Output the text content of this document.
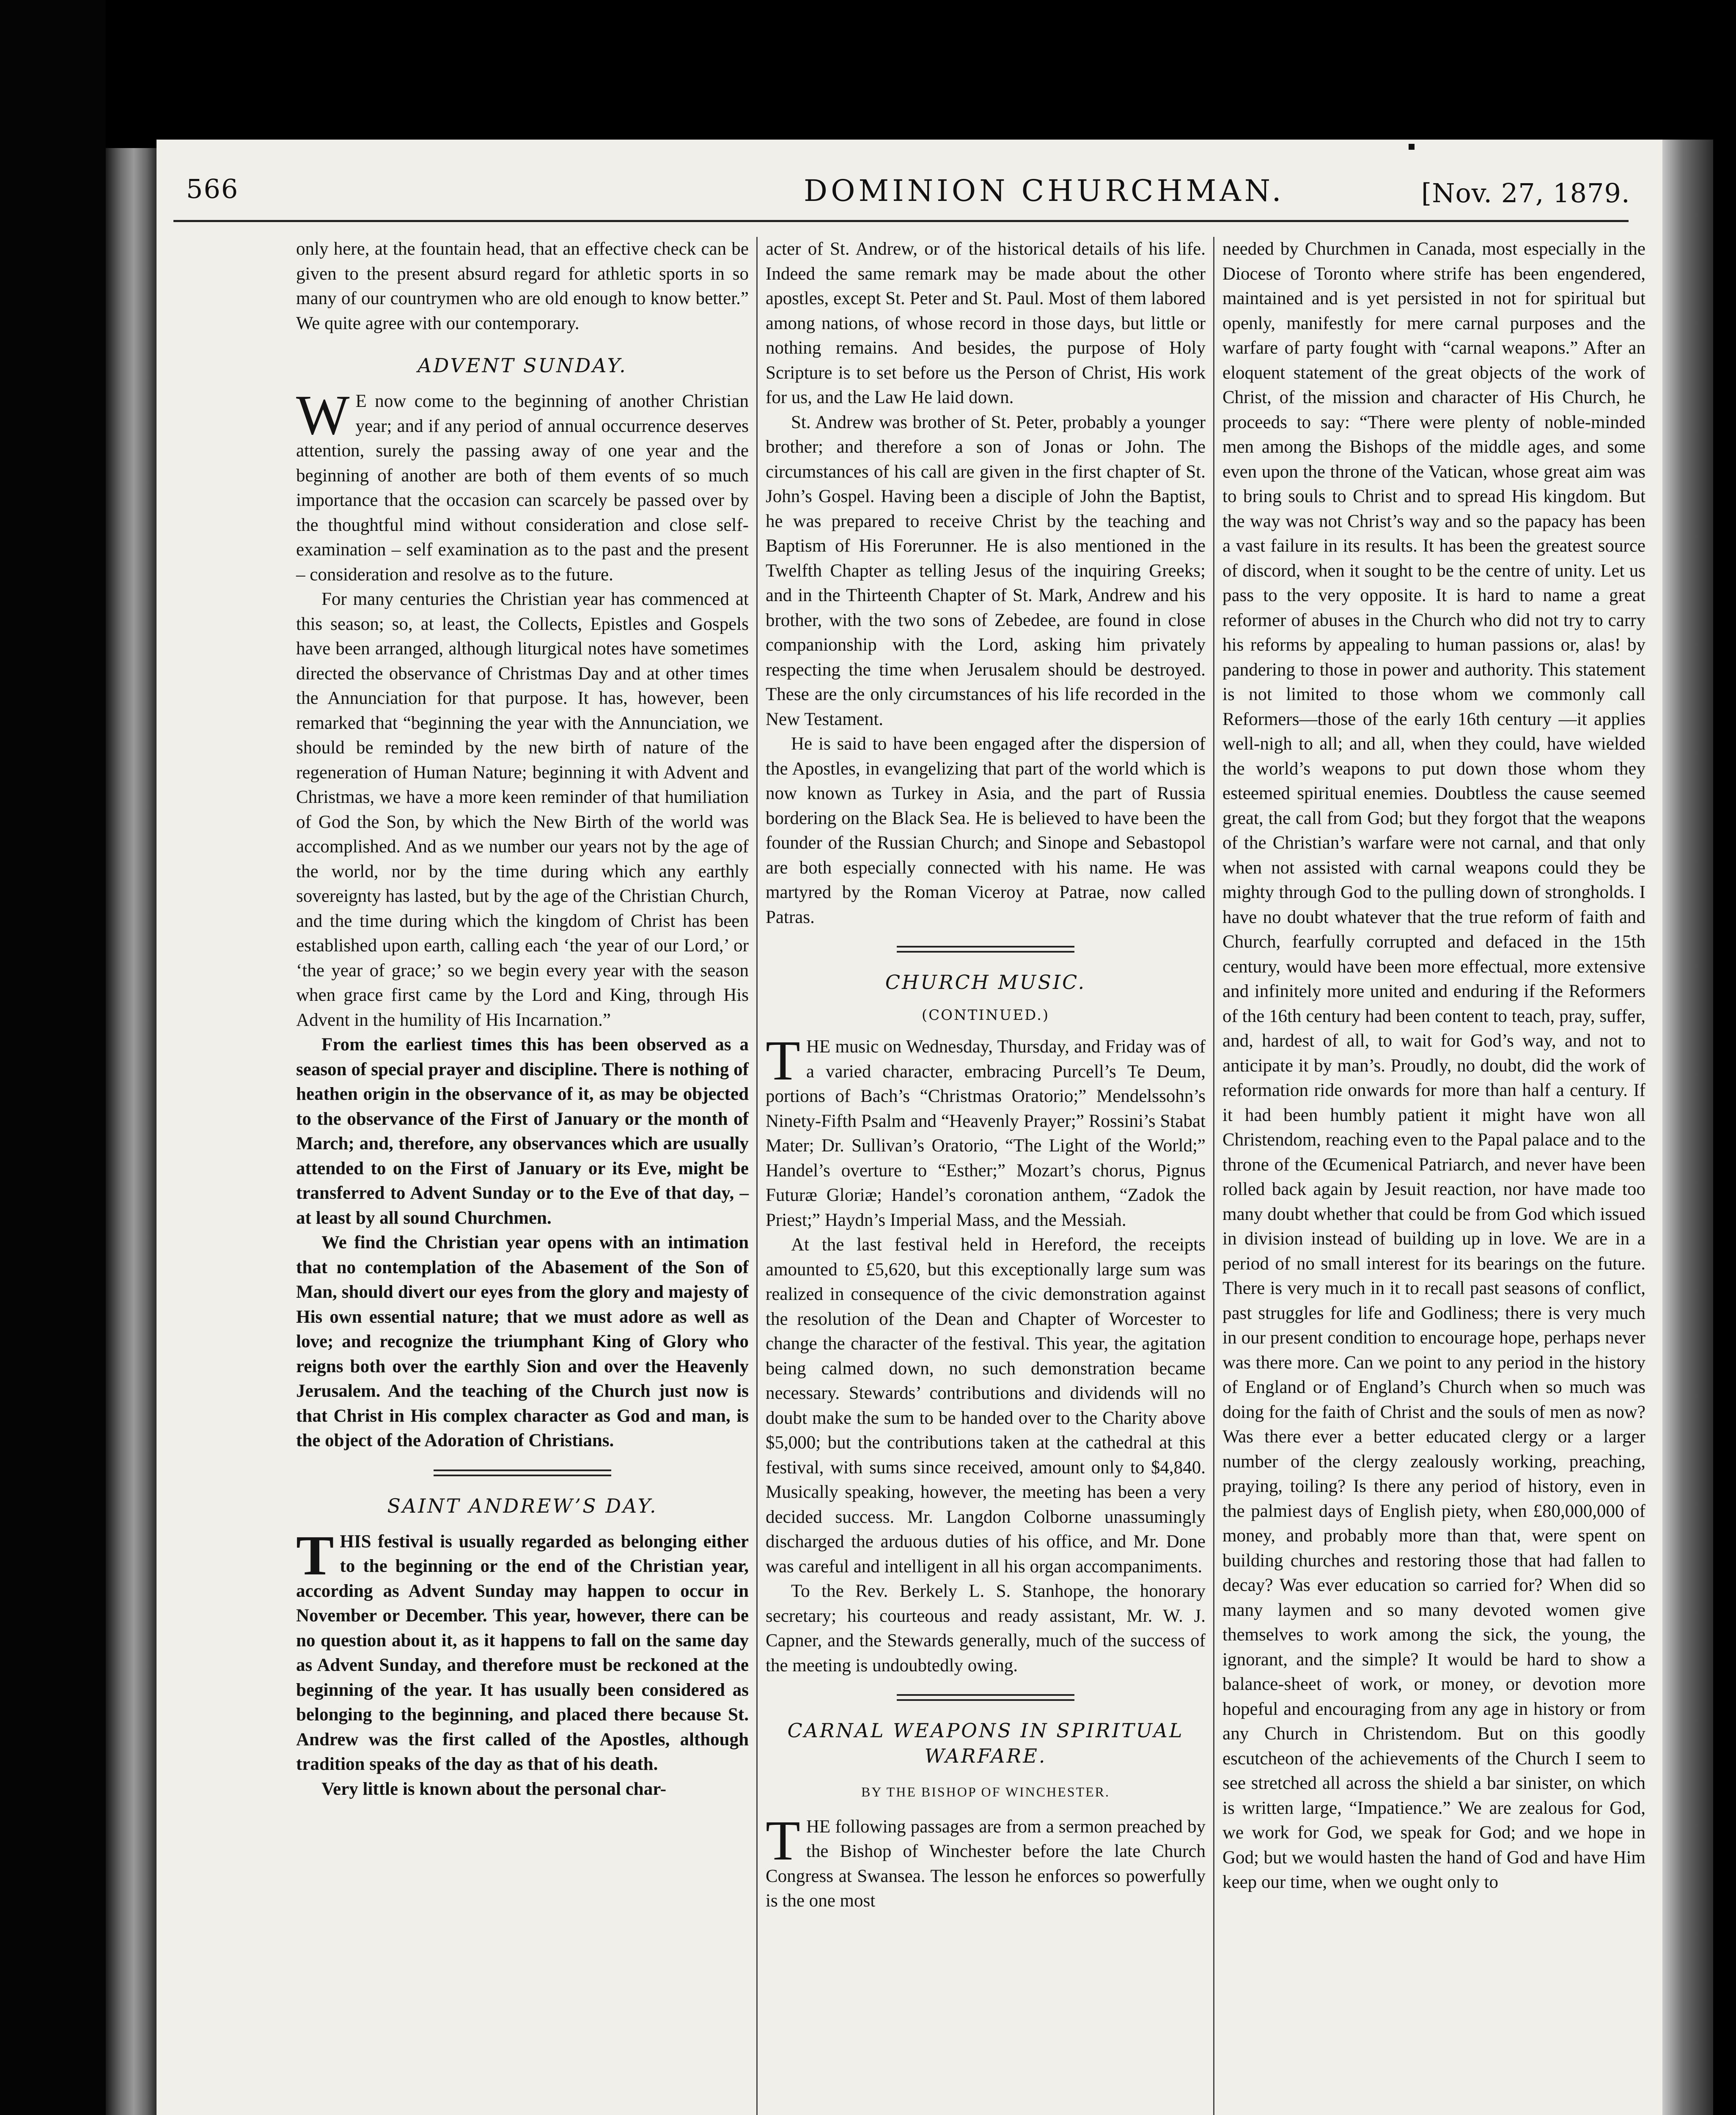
566	DOMINION CHURCHMAN.	[Nov. 27, 1879.

only here, at the fountain head, that an effective check can be given to the present absurd regard for athletic sports in so many of our countrymen who are old enough to know better.” We quite agree with our contemporary.

ADVENT SUNDAY.

W E now come to the beginning of another Christian year; and if any period of annual occurrence deserves attention, surely the passing away of one year and the beginning of another are both of them events of so much importance that the occasion can scarcely be passed over by the thoughtful mind without consideration and close self-examination – self examination as to the past and the present – consideration and resolve as to the future.

For many centuries the Christian year has commenced at this season; so, at least, the Collects, Epistles and Gospels have been arranged, although liturgical notes have sometimes directed the observance of Christmas Day and at other times the Annunciation for that purpose. It has, however, been remarked that “beginning the year with the Annunciation, we should be reminded by the new birth of nature of the regeneration of Human Nature; beginning it with Advent and Christmas, we have a more keen reminder of that humiliation of God the Son, by which the New Birth of the world was accomplished. And as we number our years not by the age of the world, nor by the time during which any earthly sovereignty has lasted, but by the age of the Christian Church, and the time during which the kingdom of Christ has been established upon earth, calling each ‘the year of our Lord,’ or ‘the year of grace;’ so we begin every year with the season when grace first came by the Lord and King, through His Advent in the humility of His Incarnation.”

From the earliest times this has been observed as a season of special prayer and discipline. There is nothing of heathen origin in the observance of it, as may be objected to the observance of the First of January or the month of March; and, therefore, any observances which are usually attended to on the First of January or its Eve, might be transferred to Advent Sunday or to the Eve of that day, – at least by all sound Churchmen.

We find the Christian year opens with an intimation that no contemplation of the Abasement of the Son of Man, should divert our eyes from the glory and majesty of His own essential nature; that we must adore as well as love; and recognize the triumphant King of Glory who reigns both over the earthly Sion and over the Heavenly Jerusalem. And the teaching of the Church just now is that Christ in His complex character as God and man, is the object of the Adoration of Christians.

SAINT ANDREW’S DAY.

THIS festival is usually regarded as belonging either to the beginning or the end of the Christian year, according as Advent Sunday may happen to occur in November or December. This year, however, there can be no question about it, as it happens to fall on the same day as Advent Sunday, and therefore must be reckoned at the beginning of the year. It has usually been considered as belonging to the beginning, and placed there because St. Andrew was the first called of the Apostles, although tradition speaks of the day as that of his death.

Very little is known about the personal char-

acter of St. Andrew, or of the historical details of his life. Indeed the same remark may be made about the other apostles, except St. Peter and St. Paul. Most of them labored among nations, of whose record in those days, but little or nothing remains. And besides, the purpose of Holy Scripture is to set before us the Person of Christ, His work for us, and the Law He laid down.

St. Andrew was brother of St. Peter, probably a younger brother; and therefore a son of Jonas or John. The circumstances of his call are given in the first chapter of St. John’s Gospel. Having been a disciple of John the Baptist, he was prepared to receive Christ by the teaching and Baptism of His Forerunner. He is also mentioned in the Twelfth Chapter as telling Jesus of the inquiring Greeks; and in the Thirteenth Chapter of St. Mark, Andrew and his brother, with the two sons of Zebedee, are found in close companionship with the Lord, asking him privately respecting the time when Jerusalem should be destroyed. These are the only circumstances of his life recorded in the New Testament.

He is said to have been engaged after the dispersion of the Apostles, in evangelizing that part of the world which is now known as Turkey in Asia, and the part of Russia bordering on the Black Sea. He is believed to have been the founder of the Russian Church; and Sinope and Sebastopol are both especially connected with his name. He was martyred by the Roman Viceroy at Patrae, now called Patras.

CHURCH MUSIC.
(CONTINUED.)

THE music on Wednesday, Thursday, and Friday was of a varied character, embracing Purcell’s Te Deum, portions of Bach’s “Christmas Oratorio;” Mendelssohn’s Ninety-Fifth Psalm and “Heavenly Prayer;” Rossini’s Stabat Mater; Dr. Sullivan’s Oratorio, “The Light of the World;” Handel’s overture to “Esther;” Mozart’s chorus, Pignus Futuræ Gloriæ; Handel’s coronation anthem, “Zadok the Priest;” Haydn’s Imperial Mass, and the Messiah.

At the last festival held in Hereford, the receipts amounted to £5,620, but this exceptionally large sum was realized in consequence of the civic demonstration against the resolution of the Dean and Chapter of Worcester to change the character of the festival. This year, the agitation being calmed down, no such demonstration became necessary. Stewards’ contributions and dividends will no doubt make the sum to be handed over to the Charity above $5,000; but the contributions taken at the cathedral at this festival, with sums since received, amount only to $4,840. Musically speaking, however, the meeting has been a very decided success. Mr. Langdon Colborne unassumingly discharged the arduous duties of his office, and Mr. Done was careful and intelligent in all his organ accompaniments.

To the Rev. Berkely L. S. Stanhope, the honorary secretary; his courteous and ready assistant, Mr. W. J. Capner, and the Stewards generally, much of the success of the meeting is undoubtedly owing.

CARNAL WEAPONS IN SPIRITUAL WARFARE.
BY THE BISHOP OF WINCHESTER.

THE following passages are from a sermon preached by the Bishop of Winchester before the late Church Congress at Swansea. The lesson he enforces so powerfully is the one most

needed by Churchmen in Canada, most especially in the Diocese of Toronto where strife has been engendered, maintained and is yet persisted in not for spiritual but openly, manifestly for mere carnal purposes and the warfare of party fought with “carnal weapons.” After an eloquent statement of the great objects of the work of Christ, of the mission and character of His Church, he proceeds to say: “There were plenty of noble-minded men among the Bishops of the middle ages, and some even upon the throne of the Vatican, whose great aim was to bring souls to Christ and to spread His kingdom. But the way was not Christ’s way and so the papacy has been a vast failure in its results. It has been the greatest source of discord, when it sought to be the centre of unity. Let us pass to the very opposite. It is hard to name a great reformer of abuses in the Church who did not try to carry his reforms by appealing to human passions or, alas! by pandering to those in power and authority. This statement is not limited to those whom we commonly call Reformers—those of the early 16th century —it applies well-nigh to all; and all, when they could, have wielded the world’s weapons to put down those whom they esteemed spiritual enemies. Doubtless the cause seemed great, the call from God; but they forgot that the weapons of the Christian’s warfare were not carnal, and that only when not assisted with carnal weapons could they be mighty through God to the pulling down of strongholds. I have no doubt whatever that the true reform of faith and Church, fearfully corrupted and defaced in the 15th century, would have been more effectual, more extensive and infinitely more united and enduring if the Reformers of the 16th century had been content to teach, pray, suffer, and, hardest of all, to wait for God’s way, and not to anticipate it by man’s. Proudly, no doubt, did the work of reformation ride onwards for more than half a century. If it had been humbly patient it might have won all Christendom, reaching even to the Papal palace and to the throne of the Œcumenical Patriarch, and never have been rolled back again by Jesuit reaction, nor have made too many doubt whether that could be from God which issued in division instead of building up in love. We are in a period of no small interest for its bearings on the future. There is very much in it to recall past seasons of conflict, past struggles for life and Godliness; there is very much in our present condition to encourage hope, perhaps never was there more. Can we point to any period in the history of England or of England’s Church when so much was doing for the faith of Christ and the souls of men as now? Was there ever a better educated clergy or a larger number of the clergy zealously working, preaching, praying, toiling? Is there any period of history, even in the palmiest days of English piety, when £80,000,000 of money, and probably more than that, were spent on building churches and restoring those that had fallen to decay? Was ever education so carried for? When did so many laymen and so many devoted women give themselves to work among the sick, the young, the ignorant, and the simple? It would be hard to show a balance-sheet of work, or money, or devotion more hopeful and encouraging from any age in history or from any Church in Christendom. But on this goodly escutcheon of the achievements of the Church I seem to see stretched all across the shield a bar sinister, on which is written large, “Impatience.” We are zealous for God, we work for God, we speak for God; and we hope in God; but we would hasten the hand of God and have Him keep our time, when we ought only to
